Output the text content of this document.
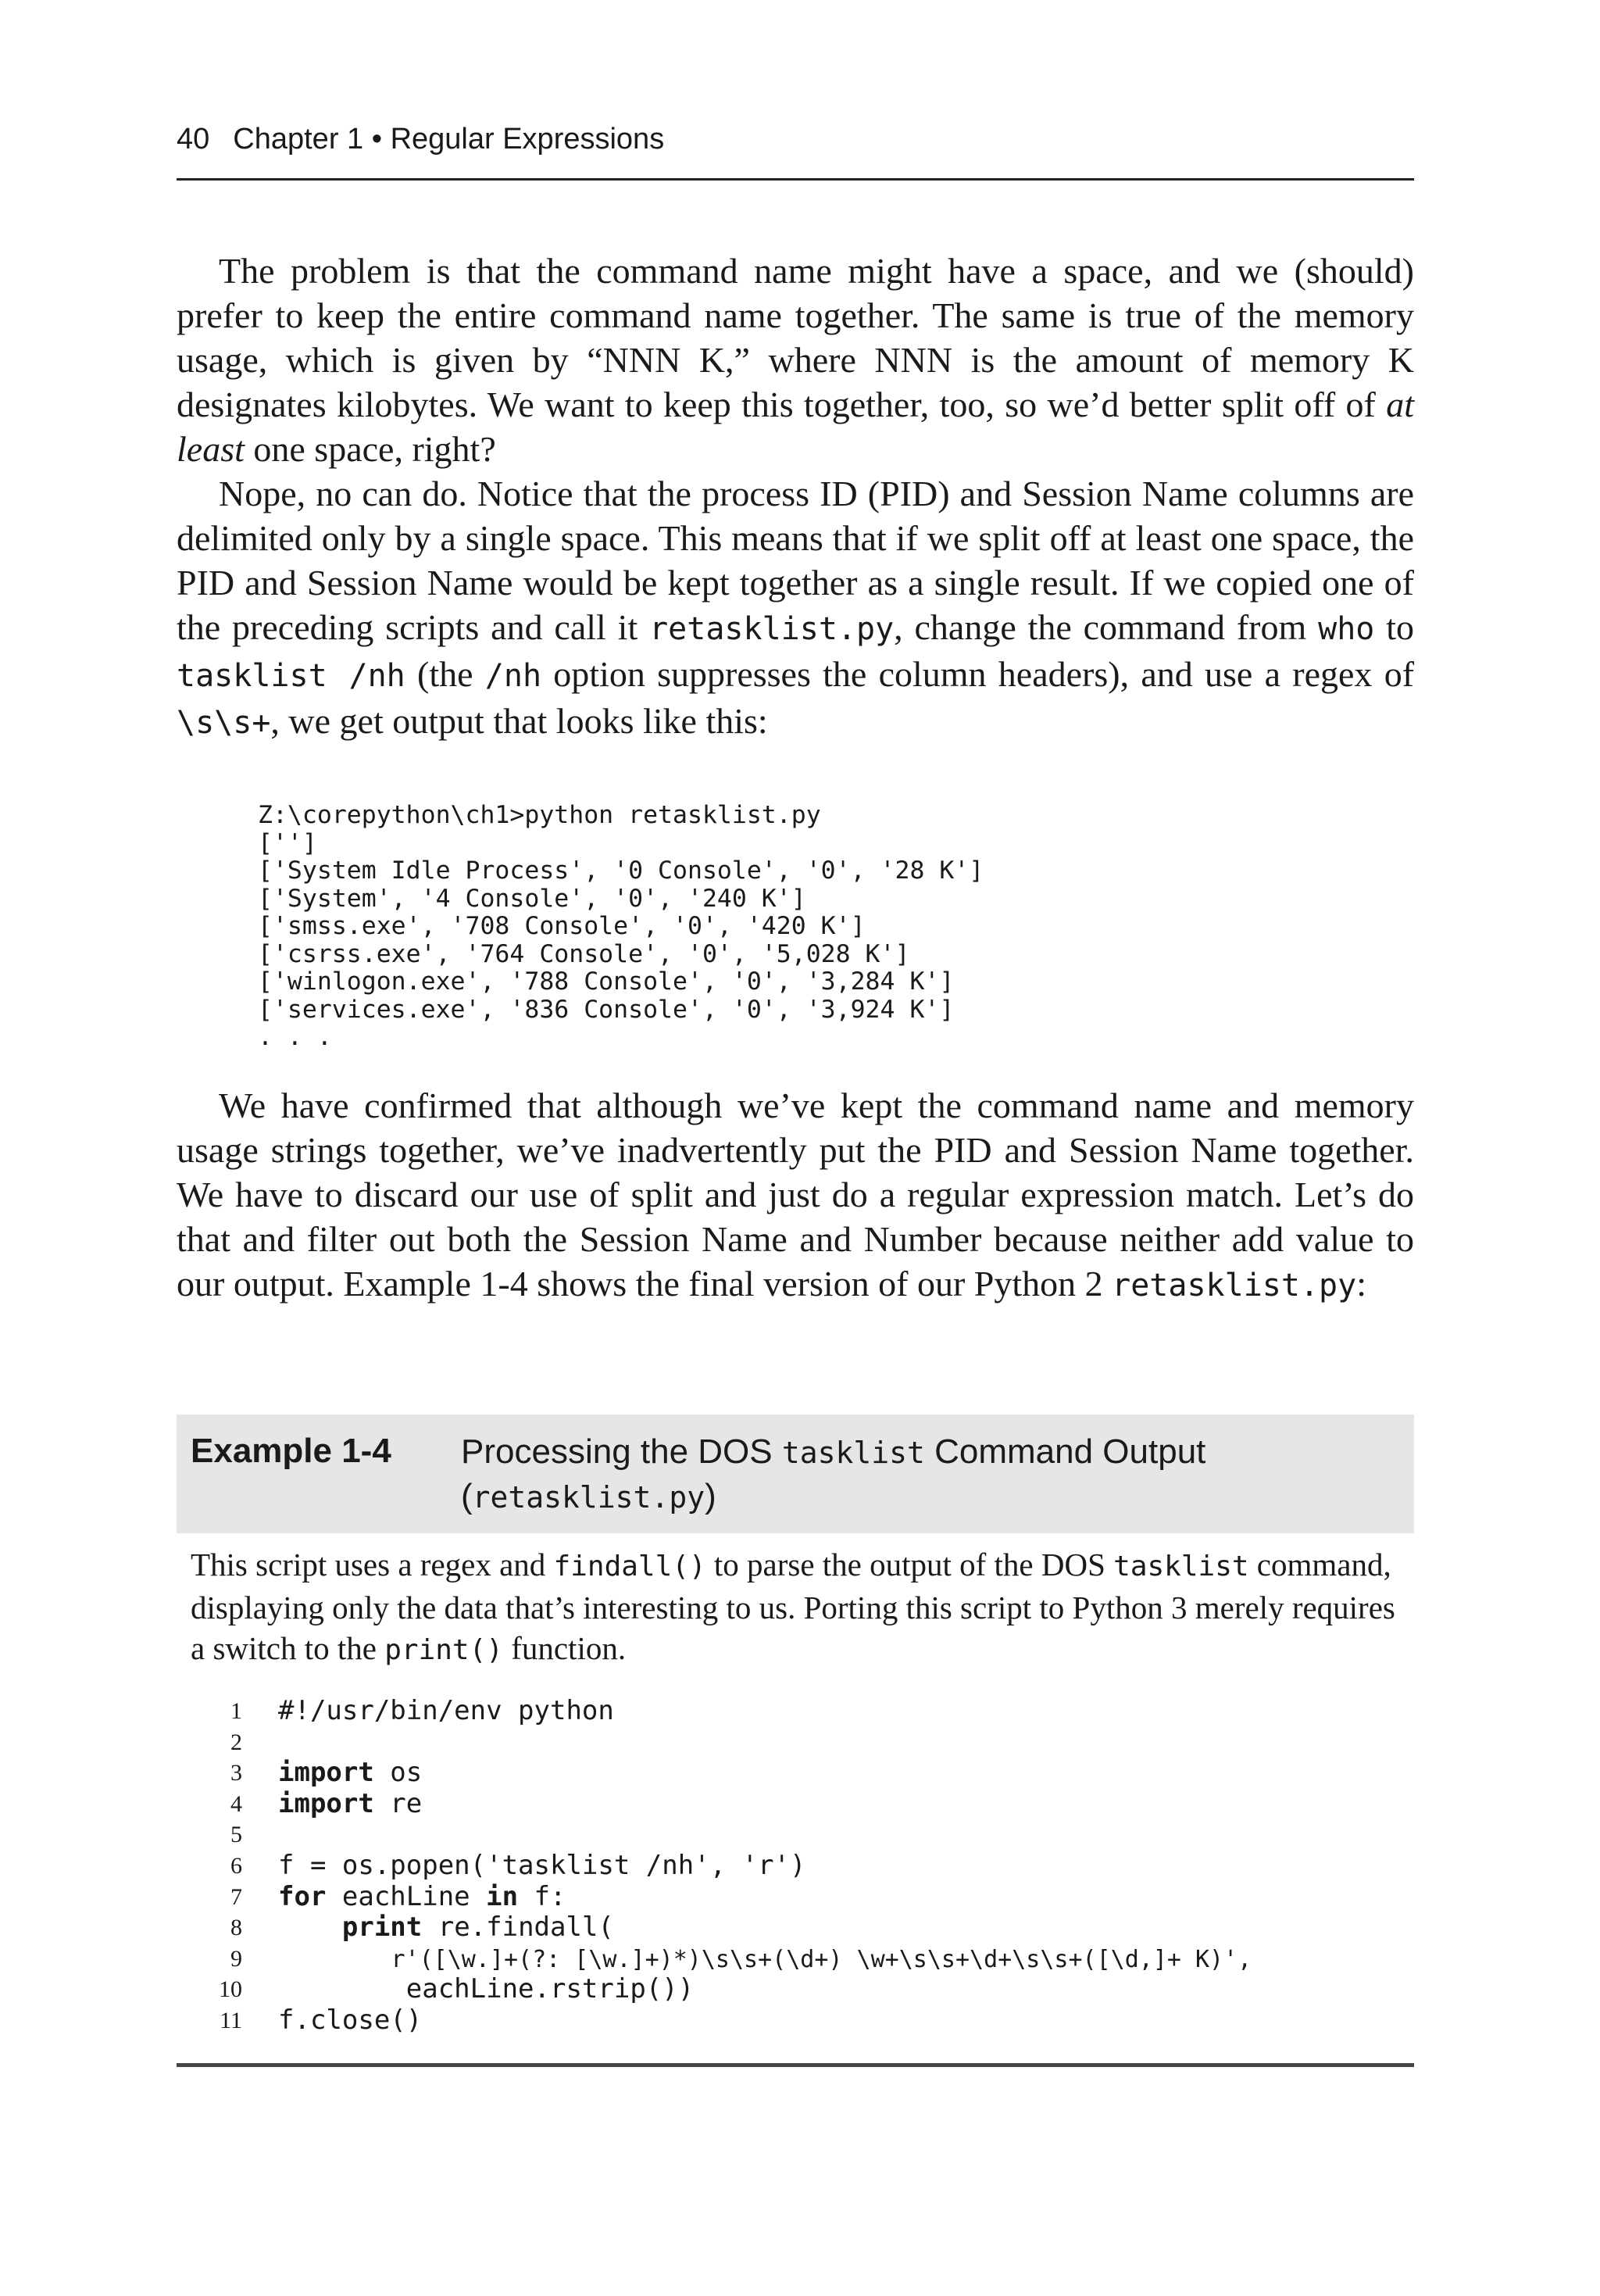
40 Chapter 1 • Regular Expressions

The problem is that the command name might have a space, and we (should) prefer to keep the entire command name together. The same is true of the memory usage, which is given by “NNN K,” where NNN is the amount of memory K designates kilobytes. We want to keep this together, too, so we’d better split off of at least one space, right?

Nope, no can do. Notice that the process ID (PID) and Session Name columns are delimited only by a single space. This means that if we split off at least one space, the PID and Session Name would be kept together as a single result. If we copied one of the preceding scripts and call it retasklist.py, change the command from who to tasklist /nh (the /nh option suppresses the column headers), and use a regex of \s\s+, we get output that looks like this:

Z:\corepython\ch1>python retasklist.py
['']
['System Idle Process', '0 Console', '0', '28 K']
['System', '4 Console', '0', '240 K']
['smss.exe', '708 Console', '0', '420 K']
['csrss.exe', '764 Console', '0', '5,028 K']
['winlogon.exe', '788 Console', '0', '3,284 K']
['services.exe', '836 Console', '0', '3,924 K']
. . .

We have confirmed that although we’ve kept the command name and memory usage strings together, we’ve inadvertently put the PID and Session Name together. We have to discard our use of split and just do a regular expression match. Let’s do that and filter out both the Session Name and Number because neither add value to our output. Example 1-4 shows the final version of our Python 2 retasklist.py:

Example 1-4 Processing the DOS tasklist Command Output
(retasklist.py)

This script uses a regex and findall() to parse the output of the DOS tasklist command, displaying only the data that’s interesting to us. Porting this script to Python 3 merely requires a switch to the print() function.

1 #!/usr/bin/env python
2
3 import os
4 import re
5
6 f = os.popen('tasklist /nh', 'r')
7 for eachLine in f:
8	print re.findall(
9 r'([\w.]+(?: [\w.]+)*)\s\s+(\d+) \w+\s\s+\d+\s\s+([\d,]+ K)',
10 eachLine.rstrip())
11 f.close()
